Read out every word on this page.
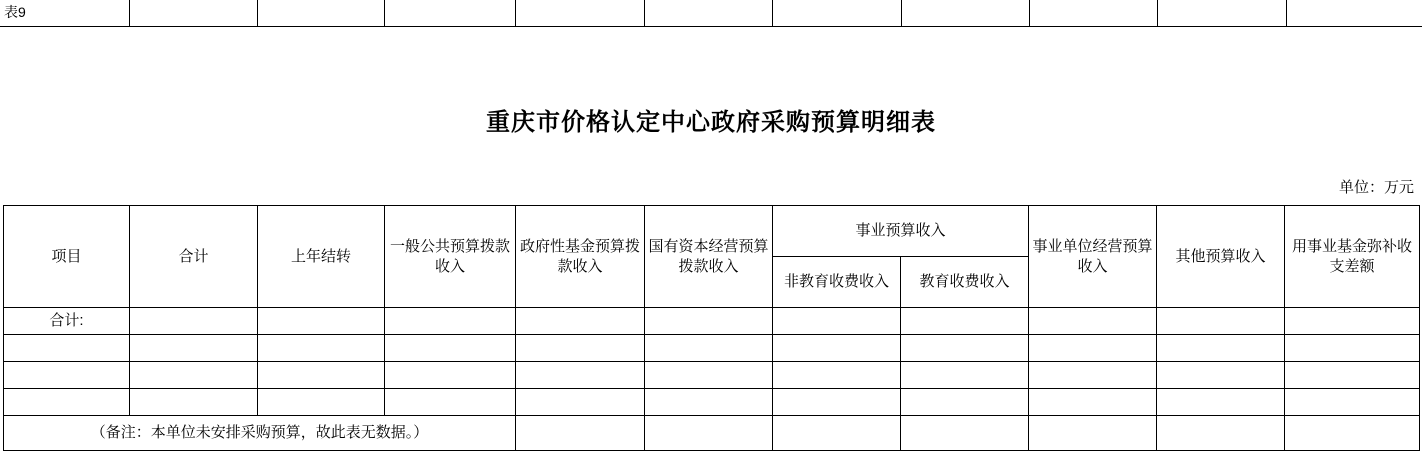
表9
重庆市价格认定中心政府采购预算明细表
单位：万元
项目	合计	上年结转	一般公共预算拨款收入	政府性基金预算拨款收入	国有资本经营预算拨款收入	事业预算收入		事业单位经营预算收入	其他预算收入	用事业基金弥补收支差额
						非教育收费收入	教育收费收入			
合计:										

（备注：本单位未安排采购预算，故此表无数据。）										
